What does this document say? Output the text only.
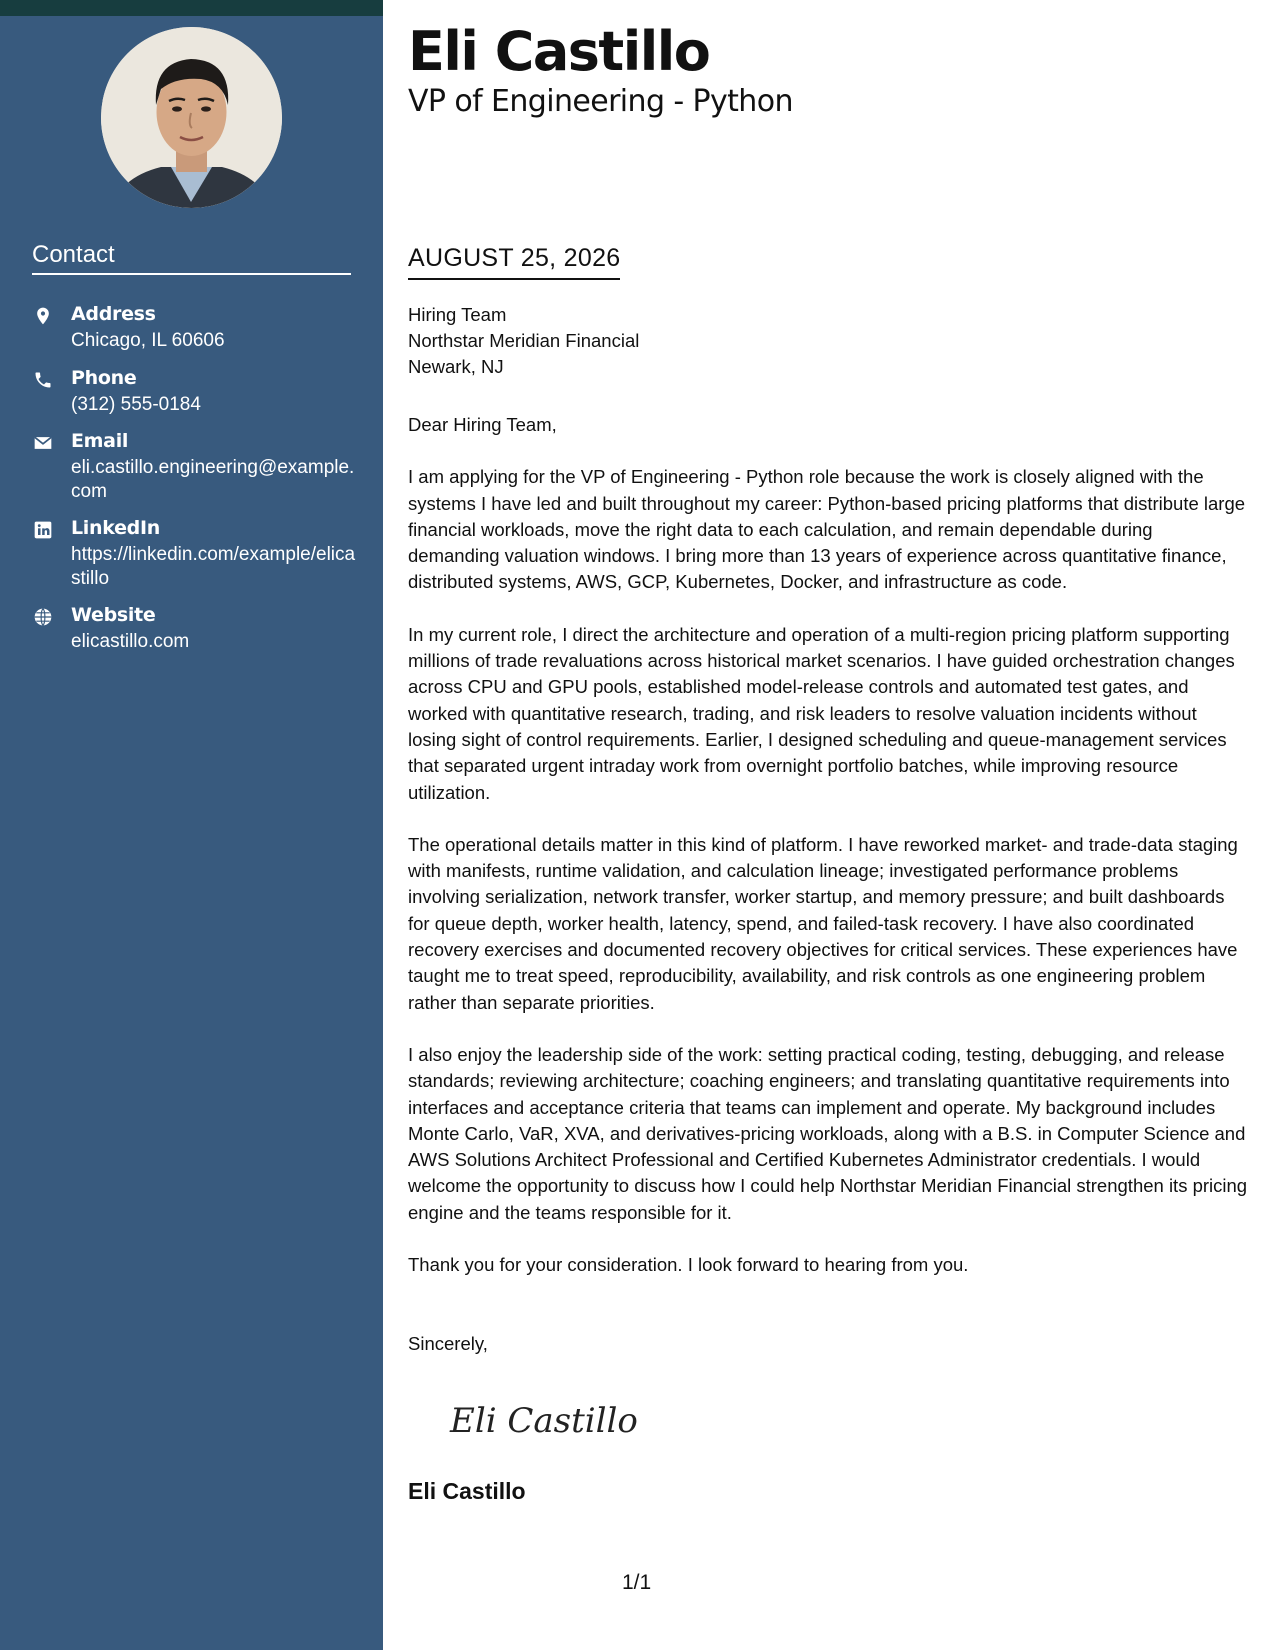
Contact
Address
Chicago, IL 60606
Phone
(312) 555-0184
Email
eli.castillo.engineering@example.com
LinkedIn
https://linkedin.com/example/elicastillo
Website
elicastillo.com
Eli Castillo
VP of Engineering - Python
AUGUST 25, 2026
Hiring Team
Northstar Meridian Financial
Newark, NJ

Dear Hiring Team,

I am applying for the VP of Engineering - Python role because the work is closely aligned with the systems I have led and built throughout my career: Python-based pricing platforms that distribute large financial workloads, move the right data to each calculation, and remain dependable during demanding valuation windows. I bring more than 13 years of experience across quantitative finance, distributed systems, AWS, GCP, Kubernetes, Docker, and infrastructure as code.

In my current role, I direct the architecture and operation of a multi-region pricing platform supporting millions of trade revaluations across historical market scenarios. I have guided orchestration changes across CPU and GPU pools, established model-release controls and automated test gates, and worked with quantitative research, trading, and risk leaders to resolve valuation incidents without losing sight of control requirements. Earlier, I designed scheduling and queue-management services that separated urgent intraday work from overnight portfolio batches, while improving resource utilization.

The operational details matter in this kind of platform. I have reworked market- and trade-data staging with manifests, runtime validation, and calculation lineage; investigated performance problems involving serialization, network transfer, worker startup, and memory pressure; and built dashboards for queue depth, worker health, latency, spend, and failed-task recovery. I have also coordinated recovery exercises and documented recovery objectives for critical services. These experiences have taught me to treat speed, reproducibility, availability, and risk controls as one engineering problem rather than separate priorities.

I also enjoy the leadership side of the work: setting practical coding, testing, debugging, and release standards; reviewing architecture; coaching engineers; and translating quantitative requirements into interfaces and acceptance criteria that teams can implement and operate. My background includes Monte Carlo, VaR, XVA, and derivatives-pricing workloads, along with a B.S. in Computer Science and AWS Solutions Architect Professional and Certified Kubernetes Administrator credentials. I would welcome the opportunity to discuss how I could help Northstar Meridian Financial strengthen its pricing engine and the teams responsible for it.

Thank you for your consideration. I look forward to hearing from you.

Sincerely,
Eli Castillo
Eli Castillo
1/1
